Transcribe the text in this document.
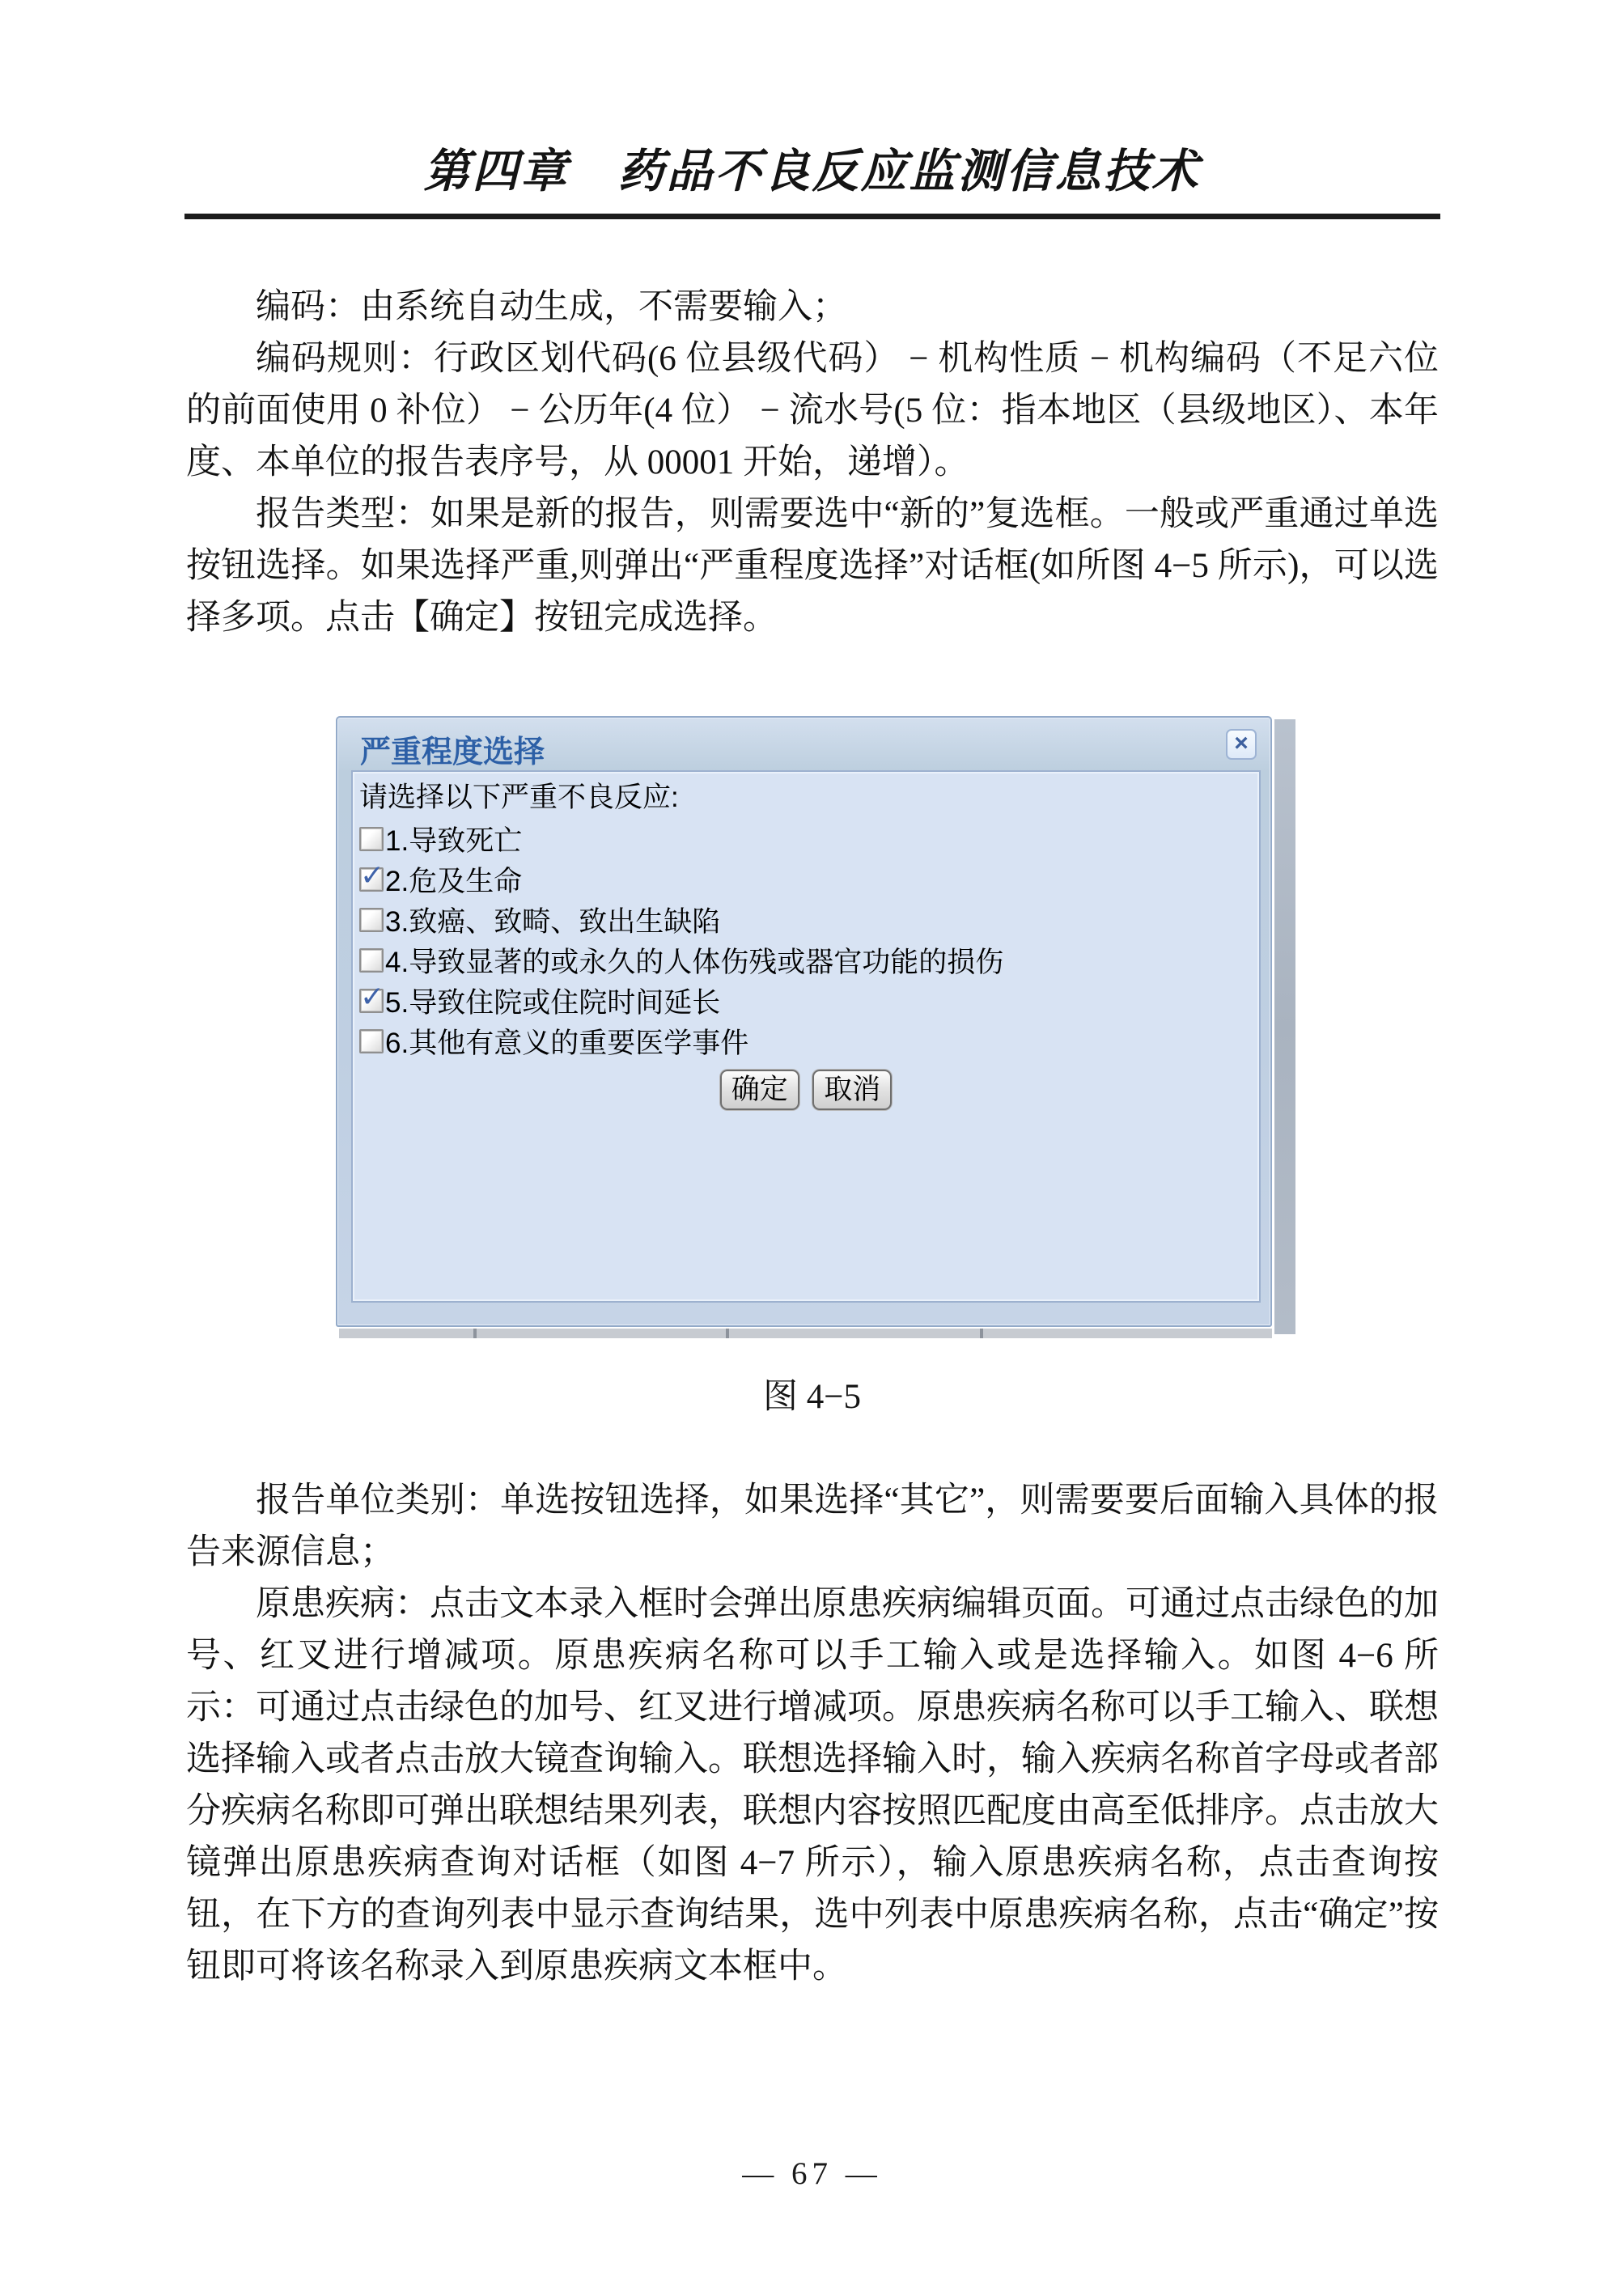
第四章　药品不良反应监测信息技术

编码：由系统自动生成，不需要输入；

编码规则：行政区划代码(6 位县级代码） − 机构性质 − 机构编码（不足六位的前面使用 0 补位） − 公历年(4 位） − 流水号(5 位：指本地区（县级地区）、本年度、本单位的报告表序号，从 00001 开始，递增）。

报告类型：如果是新的报告，则需要选中“新的”复选框。一般或严重通过单选按钮选择。如果选择严重,则弹出“严重程度选择”对话框(如所图 4−5 所示)，可以选择多项。点击【确定】按钮完成选择。

严重程度选择	×
请选择以下严重不良反应:
1.导致死亡
✓
2.危及生命
3.致癌、致畸、致出生缺陷
4.导致显著的或永久的人体伤残或器官功能的损伤
✓
5.导致住院或住院时间延长
6.其他有意义的重要医学事件
确定 取消
图 4−5

报告单位类别：单选按钮选择，如果选择“其它”，则需要要后面输入具体的报告来源信息；

原患疾病：点击文本录入框时会弹出原患疾病编辑页面。可通过点击绿色的加号、红叉进行增减项。原患疾病名称可以手工输入或是选择输入。如图 4−6 所示：可通过点击绿色的加号、红叉进行增减项。原患疾病名称可以手工输入、联想选择输入或者点击放大镜查询输入。联想选择输入时，输入疾病名称首字母或者部分疾病名称即可弹出联想结果列表，联想内容按照匹配度由高至低排序。点击放大镜弹出原患疾病查询对话框（如图 4−7 所示），输入原患疾病名称，点击查询按钮，在下方的查询列表中显示查询结果，选中列表中原患疾病名称，点击“确定”按钮即可将该名称录入到原患疾病文本框中。

— 67 —
